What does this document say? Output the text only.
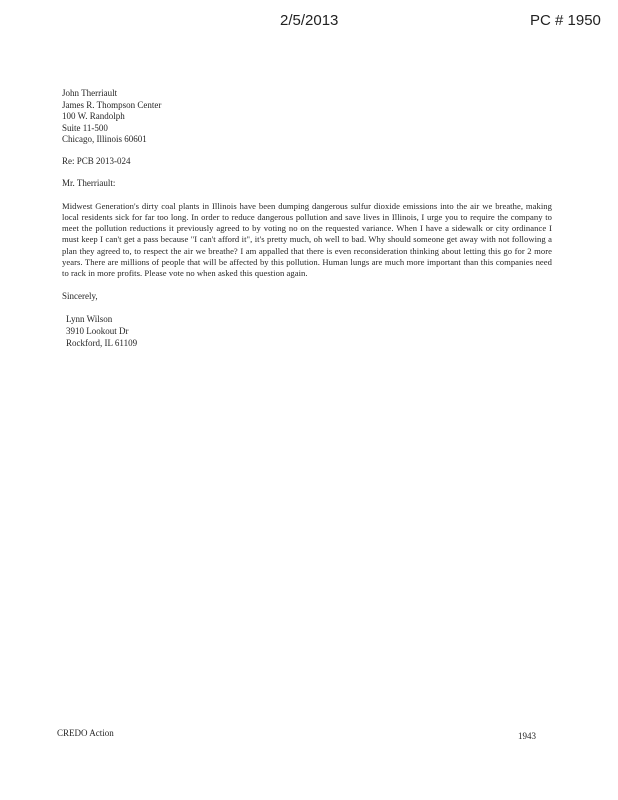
2/5/2013	PC # 1950
John Therriault
James R. Thompson Center
100 W. Randolph
Suite 11-500
Chicago, Illinois 60601
Re: PCB 2013-024
Mr. Therriault:

Midwest Generation's dirty coal plants in Illinois have been dumping dangerous sulfur dioxide emissions into the air we breathe, making local residents sick for far too long. In order to reduce dangerous pollution and save lives in Illinois, I urge you to require the company to meet the pollution reductions it previously agreed to by voting no on the requested variance. When I have a sidewalk or city ordinance I must keep I can't get a pass because "I can't afford it", it's pretty much, oh well to bad. Why should someone get away with not following a plan they agreed to, to respect the air we breathe? I am appalled that there is even reconsideration thinking about letting this go for 2 more years. There are millions of people that will be affected by this pollution. Human lungs are much more important than this companies need to rack in more profits. Please vote no when asked this question again.

Sincerely,
Lynn Wilson
3910 Lookout Dr
Rockford, IL 61109
CREDO Action	1943
